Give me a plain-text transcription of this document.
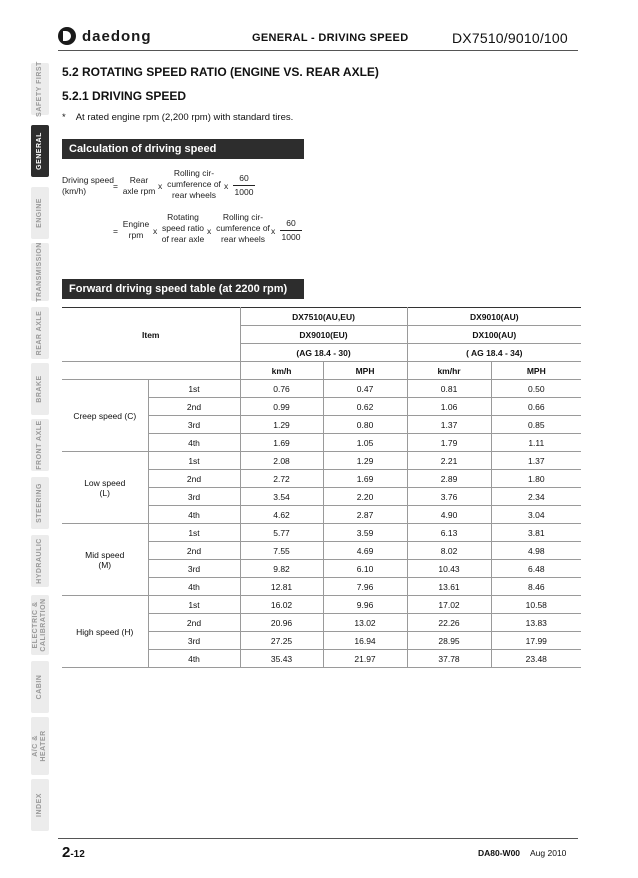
daedong	GENERAL - DRIVING SPEED	DX7510/9010/100
SAFETY FIRST
GENERAL
ENGINE
TRANSMISSION
REAR AXLE
BRAKE
FRONT AXLE
STEERING
HYDRAULIC
ELECTRIC & CALIBRATION
CABIN
A/C & HEATER
INDEX
5.2 ROTATING SPEED RATIO (ENGINE VS. REAR AXLE)
5.2.1 DRIVING SPEED
* At rated engine rpm (2,200 rpm) with standard tires.
Calculation of driving speed
Driving speed
(km/h)	=
Rear
axle rpm x
Rolling cir-
cumference of
rear wheels
x
60
1000
=
Engine
rpm	x
Rotating
speed ratio
of rear axle
x
Rolling cir-
cumference of
rear wheels
x
60
1000
Forward driving speed table (at 2200 rpm)
Item		DX7510(AU,EU)		DX9010(AU)	
		DX9010(EU)		DX100(AU)	
		(AG 18.4 - 30)		( AG 18.4 - 34)	
		km/h	MPH	km/hr	MPH

Creep speed (C)	1st	0.76	0.47	0.81	0.50
	2nd	0.99	0.62	1.06	0.66
	3rd	1.29	0.80	1.37	0.85
	4th	1.69	1.05	1.79	1.11

Low speed
(L)	1st	2.08	1.29	2.21	1.37
	2nd	2.72	1.69	2.89	1.80
	3rd	3.54	2.20	3.76	2.34
	4th	4.62	2.87	4.90	3.04

Mid speed
(M)	1st	5.77	3.59	6.13	3.81
	2nd	7.55	4.69	8.02	4.98
	3rd	9.82	6.10	10.43	6.48
	4th	12.81	7.96	13.61	8.46

High speed (H)	1st	16.02	9.96	17.02	10.58
	2nd	20.96	13.02	22.26	13.83
	3rd	27.25	16.94	28.95	17.99
	4th	35.43	21.97	37.78	23.48
2-12	DA80-W00 Aug 2010
